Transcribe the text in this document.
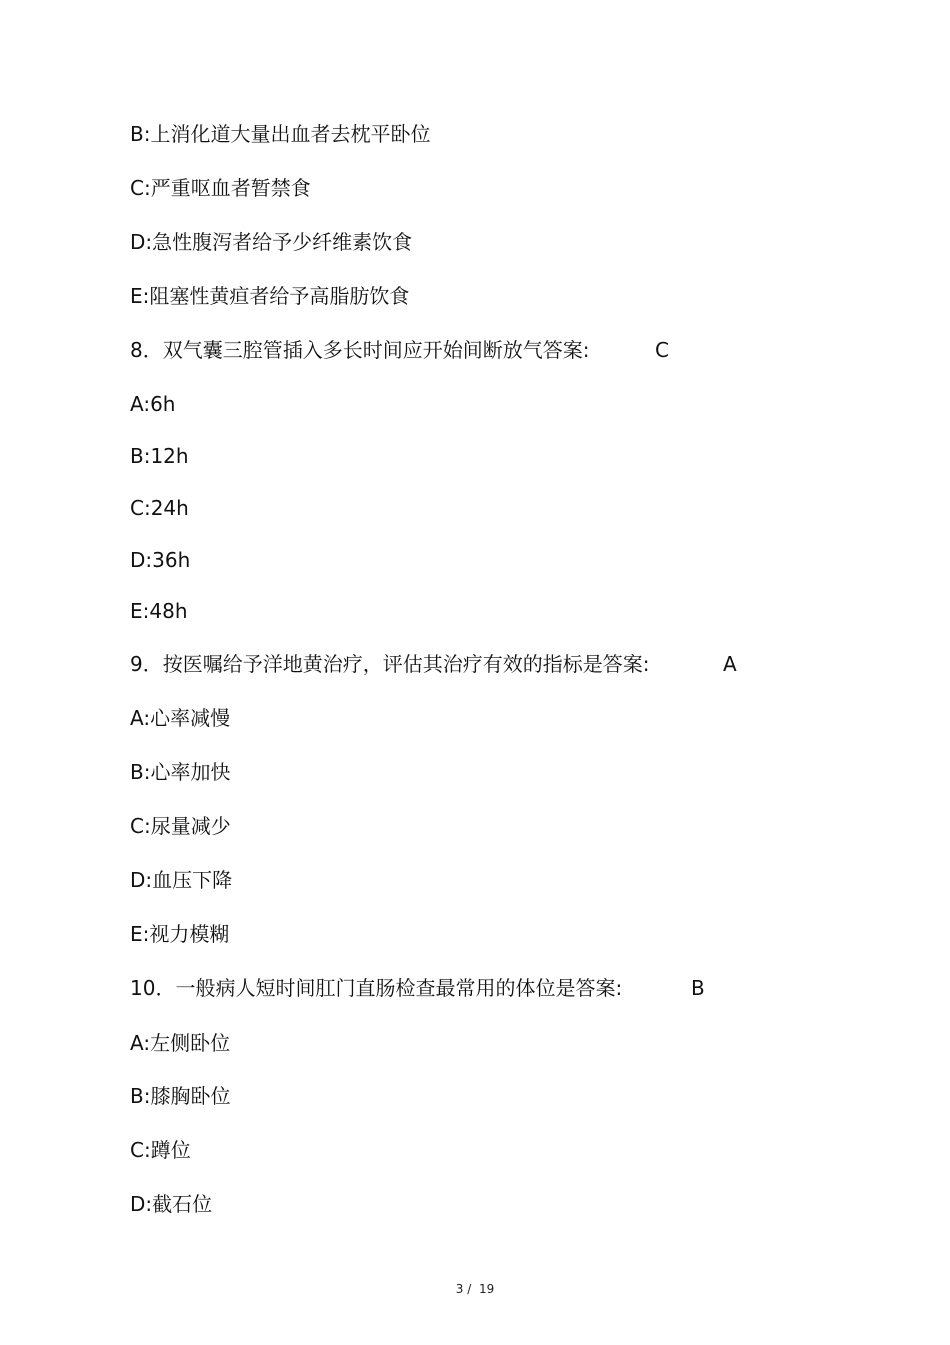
B:上消化道大量出血者去枕平卧位
C:严重呕血者暂禁食
D:急性腹泻者给予少纤维素饮食
E:阻塞性黄疸者给予高脂肪饮食
8．双气囊三腔管插入多长时间应开始间断放气答案:	C
A:6h
B:12h
C:24h
D:36h
E:48h
9．按医嘱给予洋地黄治疗，评估其治疗有效的指标是答案:	A
A:心率减慢
B:心率加快
C:尿量减少
D:血压下降
E:视力模糊
10．一般病人短时间肛门直肠检查最常用的体位是答案:	B
A:左侧卧位
B:膝胸卧位
C:蹲位
D:截石位
3 / 19
